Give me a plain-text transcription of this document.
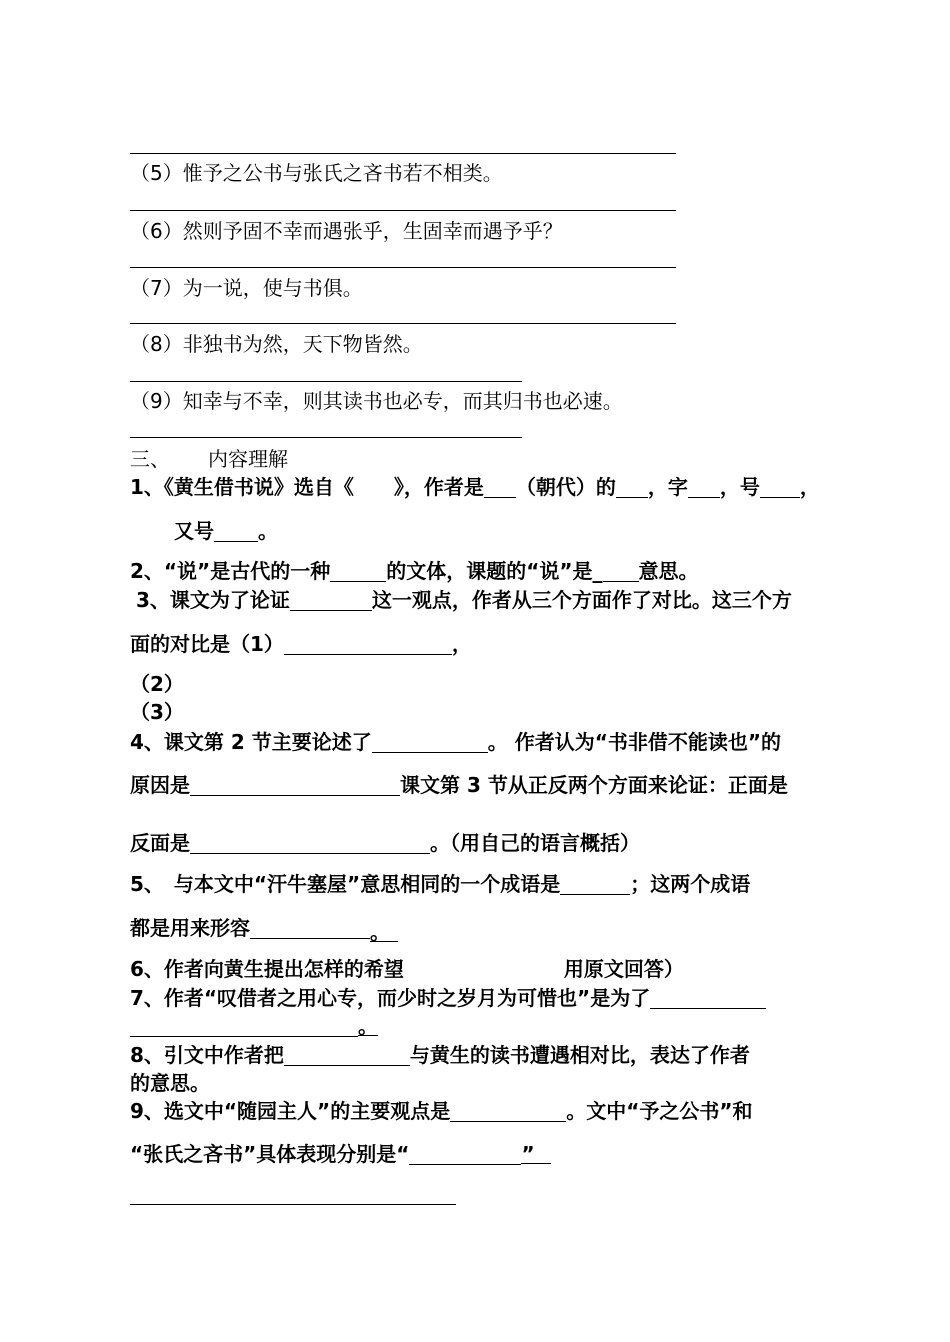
（5）惟予之公书与张氏之吝书若不相类。
（6）然则予固不幸而遇张乎，生固幸而遇予乎？
（7）为一说，使与书俱。
（8）非独书为然，天下物皆然。
（9）知幸与不幸，则其读书也必专，而其归书也必速。
三、 内容理解
1、《黄生借书说》选自《 》，作者是 （朝代）的 ，字 ，号 ，
又号 。
2、“说”是古代的一种	的文体，课题的“说”是_ 意思。
3、课文为了论证	这一观点，作者从三个方面作了对比。这三个方
面的对比是（1）	，
（2）
（3）
4、课文第 2 节主要论述了	。 作者认为“书非借不能读也”的
原因是	课文第 3 节从正反两个方面来论证：正面是
反面是	。（用自己的语言概括）
5、　与本文中“汗牛塞屋”意思相同的一个成语是	；这两个成语
都是用来形容	。
6、作者向黄生提出怎样的希望	用原文回答）
7、作者“叹借者之用心专，而少时之岁月为可惜也”是为了
。
8、引文中作者把	与黄生的读书遭遇相对比，表达了作者
的意思。
9、选文中“随园主人”的主要观点是	。文中“予之公书”和
“张氏之吝书”具体表现分别是“	”
